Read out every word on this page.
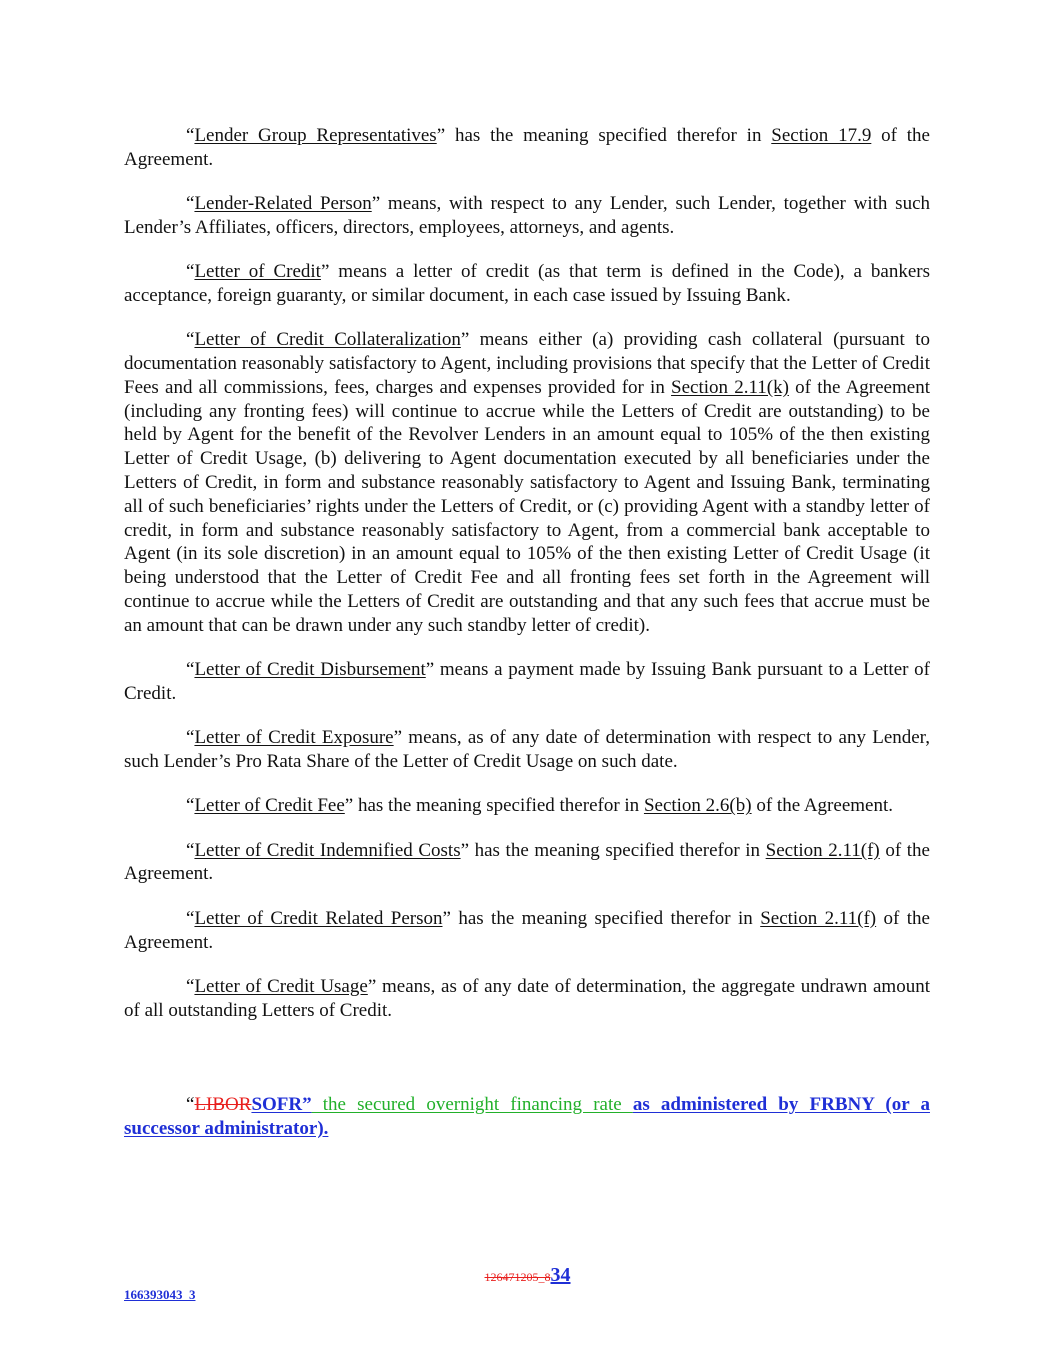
“Lender Group Representatives” has the meaning specified therefor in Section 17.9 of the Agreement.

“Lender-Related Person” means, with respect to any Lender, such Lender, together with such Lender’s Affiliates, officers, directors, employees, attorneys, and agents.

“Letter of Credit” means a letter of credit (as that term is defined in the Code), a bankers acceptance, foreign guaranty, or similar document, in each case issued by Issuing Bank.

“Letter of Credit Collateralization” means either (a) providing cash collateral (pursuant to documentation reasonably satisfactory to Agent, including provisions that specify that the Letter of Credit Fees and all commissions, fees, charges and expenses provided for in Section 2.11(k) of the Agreement (including any fronting fees) will continue to accrue while the Letters of Credit are outstanding) to be held by Agent for the benefit of the Revolver Lenders in an amount equal to 105% of the then existing Letter of Credit Usage, (b) delivering to Agent documentation executed by all beneficiaries under the Letters of Credit, in form and substance reasonably satisfactory to Agent and Issuing Bank, terminating all of such beneficiaries’ rights under the Letters of Credit, or (c) providing Agent with a standby letter of credit, in form and substance reasonably satisfactory to Agent, from a commercial bank acceptable to Agent (in its sole discretion) in an amount equal to 105% of the then existing Letter of Credit Usage (it being understood that the Letter of Credit Fee and all fronting fees set forth in the Agreement will continue to accrue while the Letters of Credit are outstanding and that any such fees that accrue must be an amount that can be drawn under any such standby letter of credit).

“Letter of Credit Disbursement” means a payment made by Issuing Bank pursuant to a Letter of Credit.

“Letter of Credit Exposure” means, as of any date of determination with respect to any Lender, such Lender’s Pro Rata Share of the Letter of Credit Usage on such date.

“Letter of Credit Fee” has the meaning specified therefor in Section 2.6(b) of the Agreement.

“Letter of Credit Indemnified Costs” has the meaning specified therefor in Section 2.11(f) of the Agreement.

“Letter of Credit Related Person” has the meaning specified therefor in Section 2.11(f) of the Agreement.

“Letter of Credit Usage” means, as of any date of determination, the aggregate undrawn amount of all outstanding Letters of Credit.

“LIBORSOFR” the secured overnight financing rate as administered by FRBNY (or a successor administrator).

126471205_834
166393043_3
